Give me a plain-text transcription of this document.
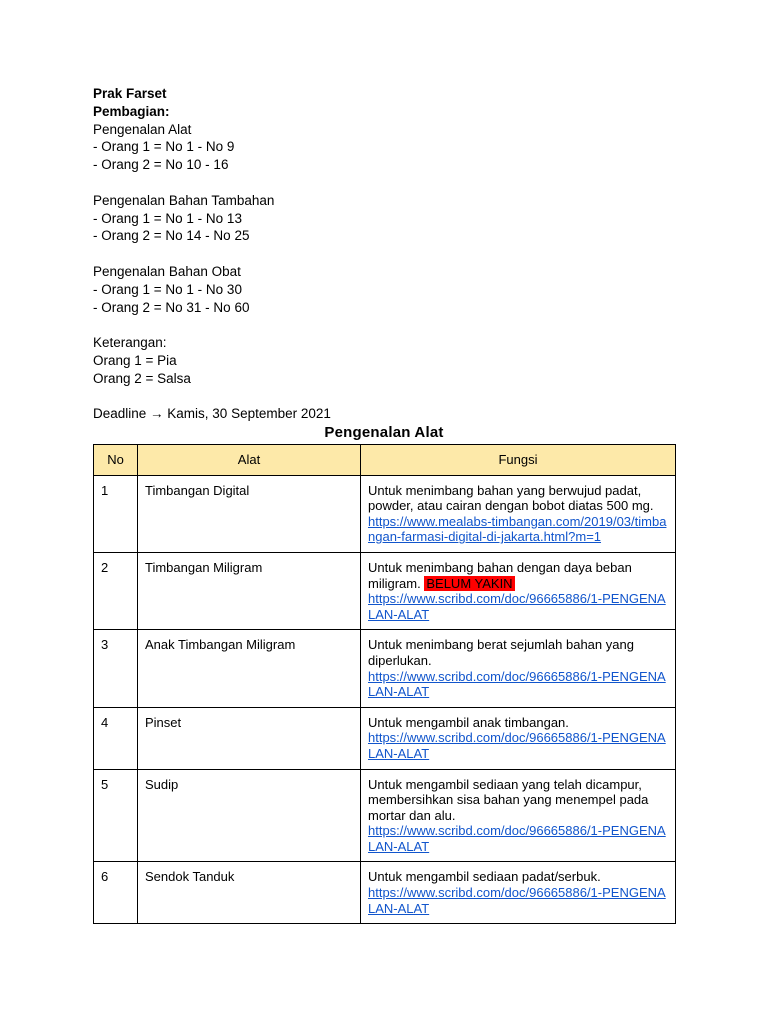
Prak Farset
Pembagian:
Pengenalan Alat
- Orang 1 = No 1 - No 9
- Orang 2 = No 10 - 16
Pengenalan Bahan Tambahan
- Orang 1 = No 1 - No 13
- Orang 2 = No 14 - No 25
Pengenalan Bahan Obat
- Orang 1 = No 1 - No 30
- Orang 2 = No 31 - No 60
Keterangan:
Orang 1 = Pia
Orang 2 = Salsa
Deadline → Kamis, 30 September 2021
Pengenalan Alat
No	Alat	Fungsi
1	Timbangan Digital	Untuk menimbang bahan yang berwujud padat, powder, atau cairan dengan bobot diatas 500 mg.
https://www.mealabs-timbangan.com/2019/03/timbangan-farmasi-digital-di-jakarta.html?m=1
2	Timbangan Miligram	Untuk menimbang bahan dengan daya beban miligram. BELUM YAKIN
https://www.scribd.com/doc/96665886/1-PENGENALAN-ALAT

3	Anak Timbangan Miligram	Untuk menimbang berat sejumlah bahan yang diperlukan.
https://www.scribd.com/doc/96665886/1-PENGENALAN-ALAT
4	Pinset	Untuk mengambil anak timbangan.
https://www.scribd.com/doc/96665886/1-PENGENALAN-ALAT
5	Sudip	Untuk mengambil sediaan yang telah dicampur, membersihkan sisa bahan yang menempel pada mortar dan alu.
https://www.scribd.com/doc/96665886/1-PENGENALAN-ALAT
6	Sendok Tanduk	Untuk mengambil sediaan padat/serbuk.
https://www.scribd.com/doc/96665886/1-PENGENALAN-ALAT
